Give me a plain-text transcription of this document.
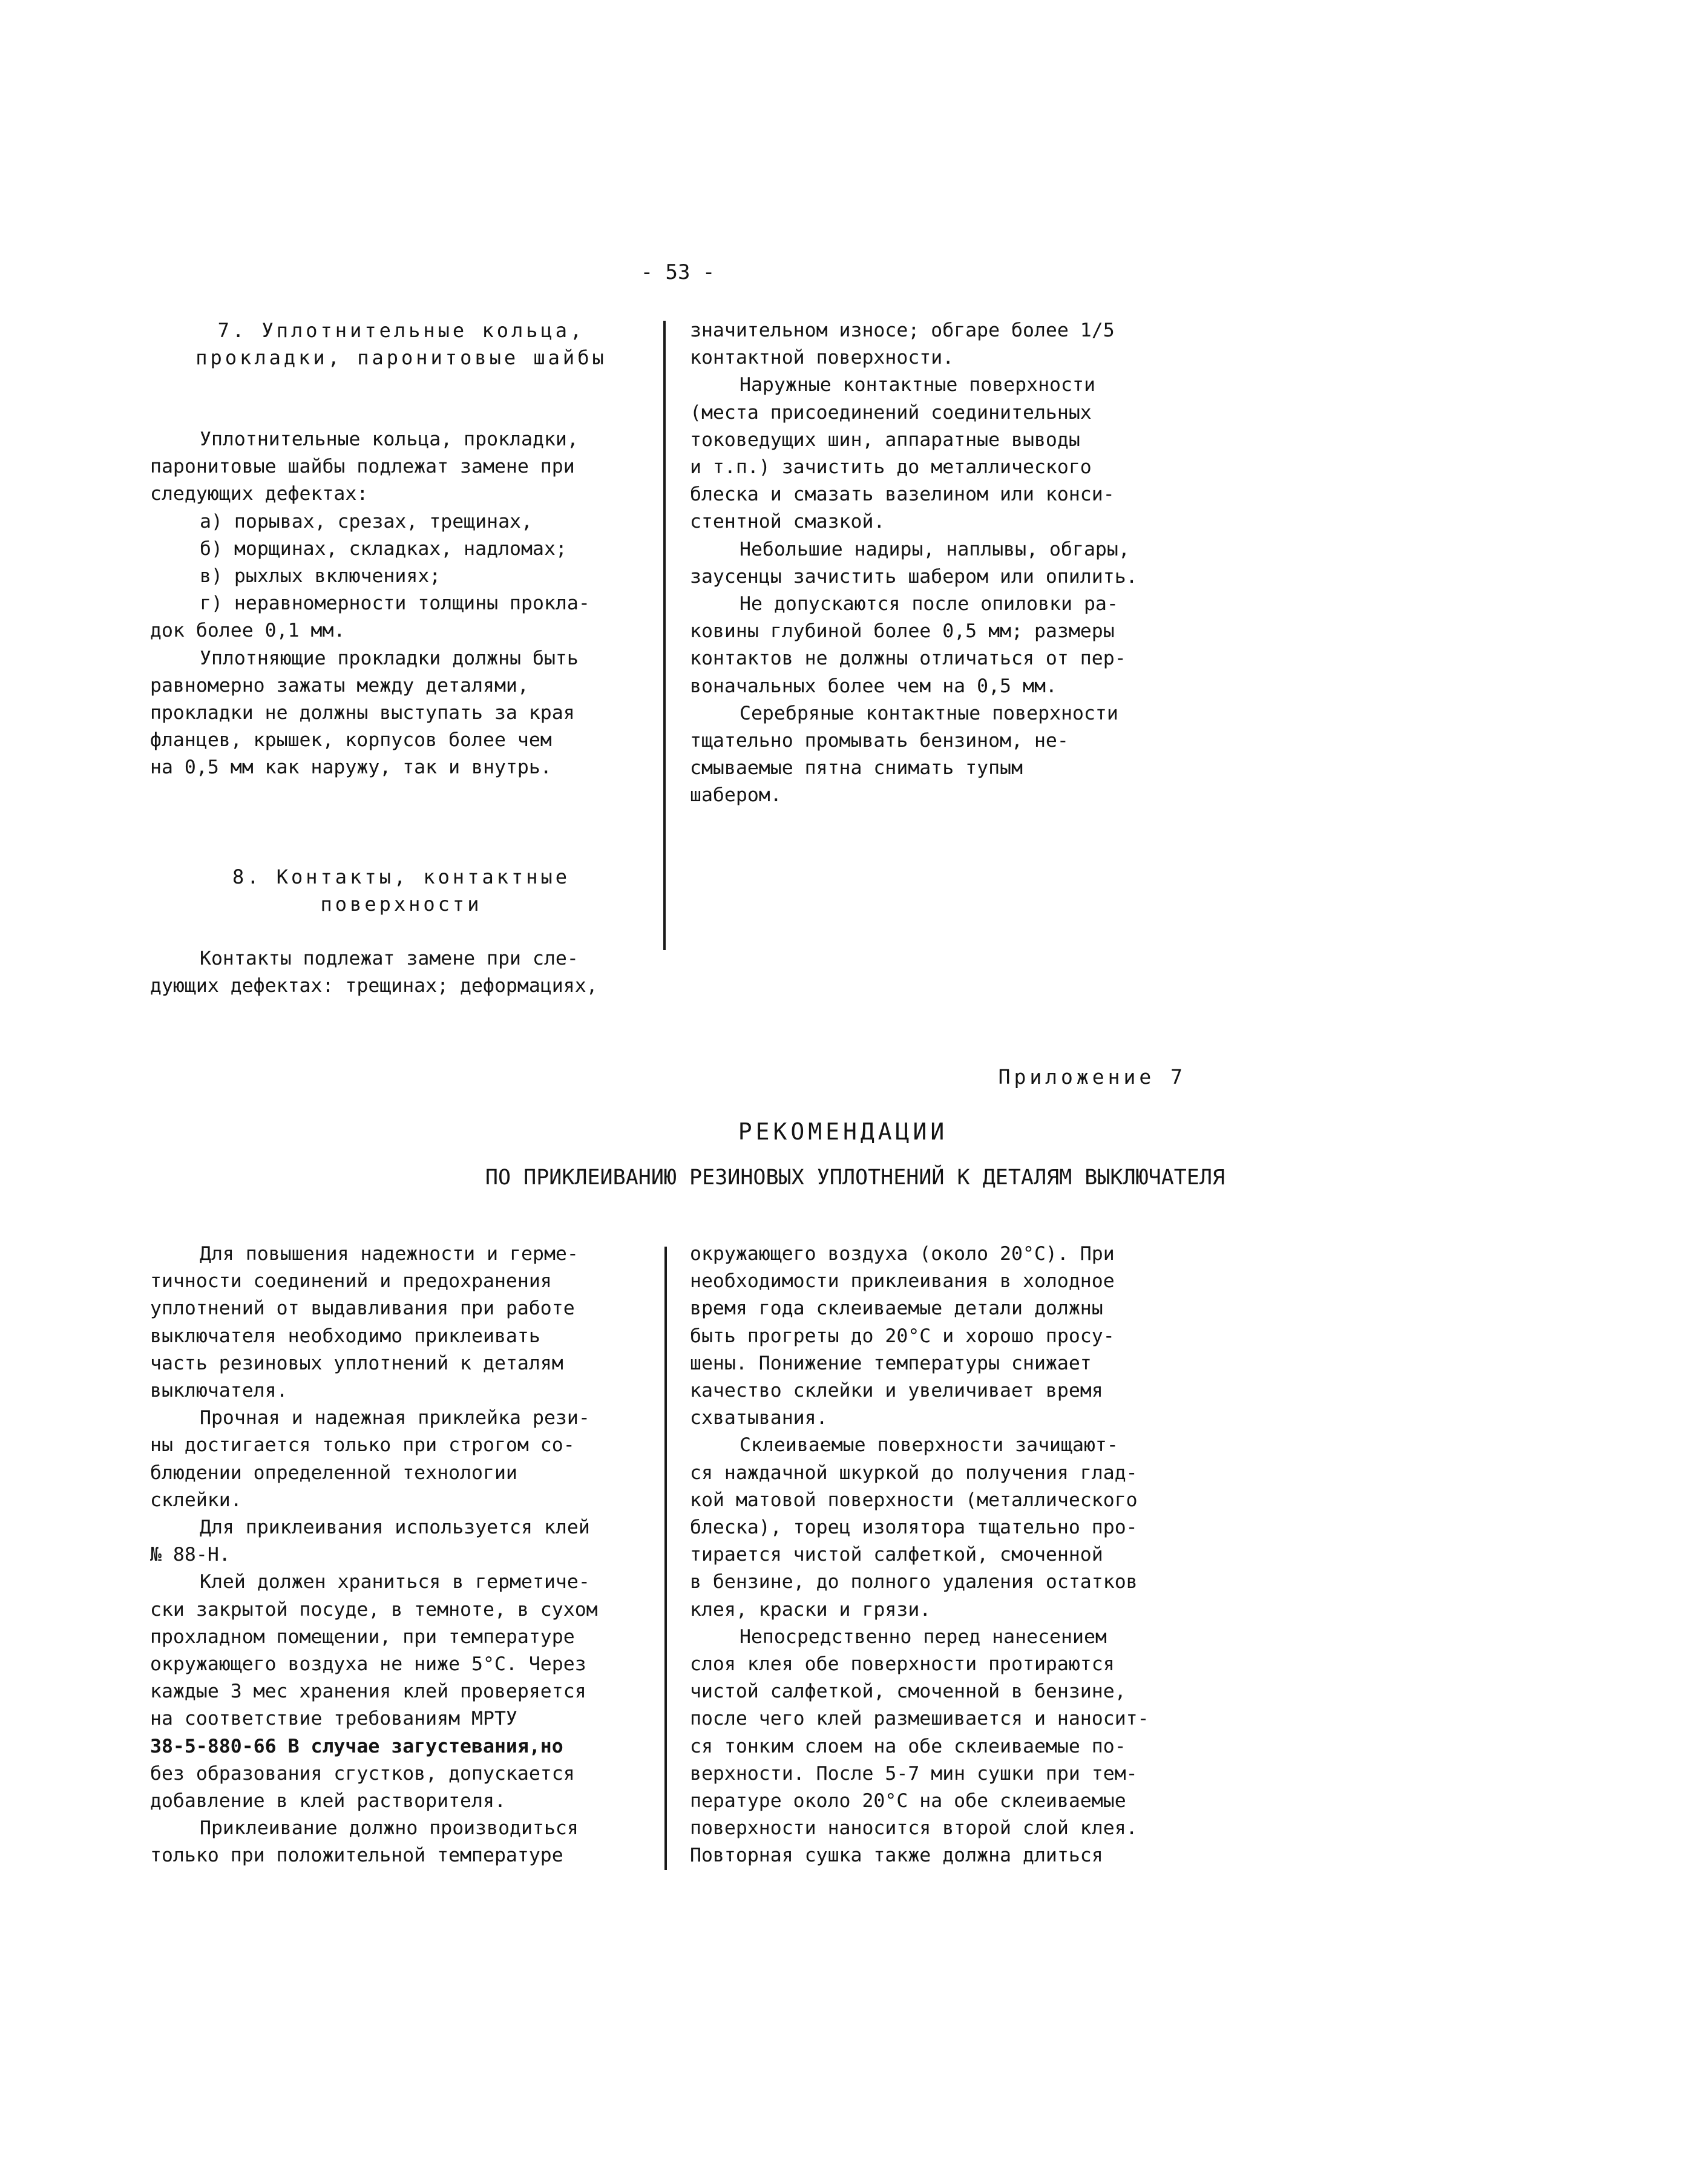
- 53 -

7. Уплотнительные кольца,

прокладки, паронитовые шайбы

Уплотнительные кольца, прокладки,

паронитовые шайбы подлежат замене при

следующих дефектах:

а) порывах, срезах, трещинах,

б) морщинах, складках, надломах;

в) рыхлых включениях;

г) неравномерности толщины прокла-

док более 0,1 мм.

Уплотняющие прокладки должны быть

равномерно зажаты между деталями,

прокладки не должны выступать за края

фланцев, крышек, корпусов более чем

на 0,5 мм как наружу, так и внутрь.

8. Контакты, контактные

поверхности

Контакты подлежат замене при сле-

дующих дефектах: трещинах; деформациях,

значительном износе; обгаре более 1/5

контактной поверхности.

Наружные контактные поверхности

(места присоединений соединительных

токоведущих шин, аппаратные выводы

и т.п.) зачистить до металлического

блеска и смазать вазелином или конси-

стентной смазкой.

Небольшие надиры, наплывы, обгары,

заусенцы зачистить шабером или опилить.

Не допускаются после опиловки ра-

ковины глубиной более 0,5 мм; размеры

контактов не должны отличаться от пер-

воначальных более чем на 0,5 мм.

Серебряные контактные поверхности

тщательно промывать бензином, не-

смываемые пятна снимать тупым

шабером.

Приложение 7
РЕКОМЕНДАЦИИ
ПО ПРИКЛЕИВАНИЮ РЕЗИНОВЫХ УПЛОТНЕНИЙ К ДЕТАЛЯМ ВЫКЛЮЧАТЕЛЯ

Для повышения надежности и герме-

тичности соединений и предохранения

уплотнений от выдавливания при работе

выключателя необходимо приклеивать

часть резиновых уплотнений к деталям

выключателя.

Прочная и надежная приклейка рези-

ны достигается только при строгом со-

блюдении определенной технологии

склейки.

Для приклеивания используется клей

№ 88-Н.

Клей должен храниться в герметиче-

ски закрытой посуде, в темноте, в сухом

прохладном помещении, при температуре

окружающего воздуха не ниже 5°С. Через

каждые 3 мес хранения клей проверяется

на соответствие требованиям МРТУ

38-5-880-66 В случае загустевания,но

без образования сгустков, допускается

добавление в клей растворителя.

Приклеивание должно производиться

только при положительной температуре

окружающего воздуха (около 20°С). При

необходимости приклеивания в холодное

время года склеиваемые детали должны

быть прогреты до 20°С и хорошо просу-

шены. Понижение температуры снижает

качество склейки и увеличивает время

схватывания.

Склеиваемые поверхности зачищают-

ся наждачной шкуркой до получения глад-

кой матовой поверхности (металлического

блеска), торец изолятора тщательно про-

тирается чистой салфеткой, смоченной

в бензине, до полного удаления остатков

клея, краски и грязи.

Непосредственно перед нанесением

слоя клея обе поверхности протираются

чистой салфеткой, смоченной в бензине,

после чего клей размешивается и наносит-

ся тонким слоем на обе склеиваемые по-

верхности. После 5-7 мин сушки при тем-

пературе около 20°С на обе склеиваемые

поверхности наносится второй слой клея.

Повторная сушка также должна длиться
